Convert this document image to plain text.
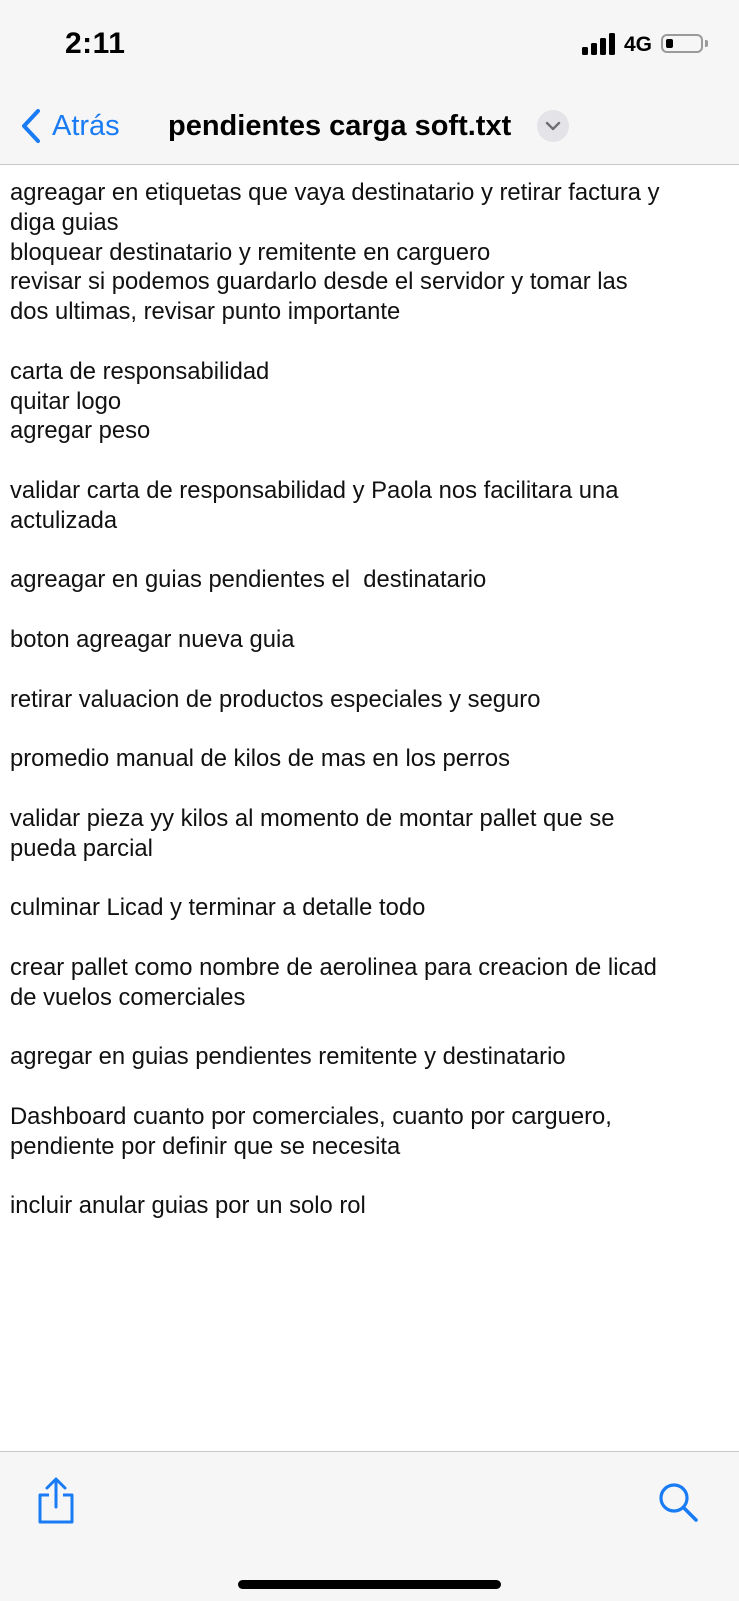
2:11	4G
Atrás pendientes carga soft.txt
agreagar en etiquetas que vaya destinatario y retirar factura y
diga guias
bloquear destinatario y remitente en carguero
revisar si podemos guardarlo desde el servidor y tomar las
dos ultimas, revisar punto importante

carta de responsabilidad
quitar logo
agregar peso

validar carta de responsabilidad y Paola nos facilitara una
actulizada

agreagar en guias pendientes el  destinatario

boton agreagar nueva guia

retirar valuacion de productos especiales y seguro

promedio manual de kilos de mas en los perros

validar pieza yy kilos al momento de montar pallet que se
pueda parcial

culminar Licad y terminar a detalle todo

crear pallet como nombre de aerolinea para creacion de licad
de vuelos comerciales

agregar en guias pendientes remitente y destinatario

Dashboard cuanto por comerciales, cuanto por carguero,
pendiente por definir que se necesita

incluir anular guias por un solo rol
